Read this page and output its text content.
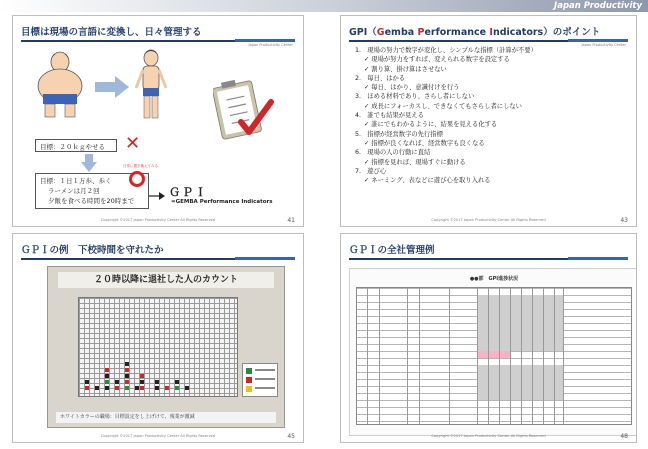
Japan Productivity
目標は現場の言語に変換し、日々管理する
Japan Productivity Center
目標：２０ｋｇやせる	✕
目標：１日１万歩、歩く
ラーメンは月２回
夕飯を食べる時間を20時まで
日常に置き換えてみる
ＧＰＩ
=GEMBA Performance Indicators
Copyright ©2017 Japan Productivity Center All Rights Reserved	41
GPI（Gemba Performance Indicators）のポイント
Japan Productivity Center
1.　現場の努力で数字が変化し、シンプルな指標（計算が不要）
✓ 現場が努力をすれば、変えられる数字を設定する
✓ 割り算、掛け算はさせない
2.　毎日、はかる
✓ 毎日、はかり、意識付けを行う
3.　ほめる材料であり、さらし者にしない
✓ 成長にフォーカスし、できなくてもさらし者にしない
4.　誰でも結果が見える
✓ 誰にでもわかるように、結果を見える化する
5.　指標が経営数字の先行指標
✓ 指標が良くなれば、経営数字も良くなる
6.　現場の人の行動に直結
✓ 指標を見れば、現場すぐに動ける
7.　遊び心
✓ ネーミング、表などに遊び心を取り入れる
Copyright ©2017 Japan Productivity Center All Rights Reserved	43
ＧＰＩの例　下校時間を守れたか
２０時以降に退社した人のカウント
ホワイトカラーの職場：目標設定をし上げけて、残業が激減
Copyright ©2017 Japan Productivity Center All Rights Reserved	45
ＧＰＩの全社管理例
●●部　GPI進捗状況
Copyright ©2017 Japan Productivity Center All Rights Reserved	48
